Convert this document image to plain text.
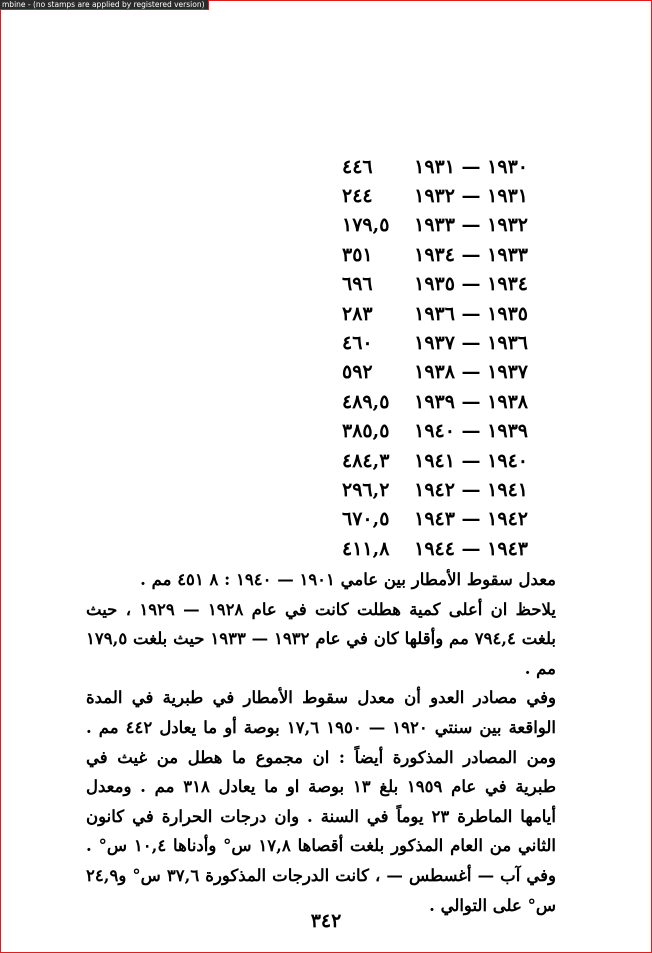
mbine - (no stamps are applied by registered version)
١٩٣٠ — ١٩٣١
٤٤٦
١٩٣١ — ١٩٣٢
٢٤٤
١٩٣٢ — ١٩٣٣
١٧٩,٥
١٩٣٣ — ١٩٣٤
٣٥١
١٩٣٤ — ١٩٣٥
٦٩٦
١٩٣٥ — ١٩٣٦
٢٨٣
١٩٣٦ — ١٩٣٧
٤٦٠
١٩٣٧ — ١٩٣٨
٥٩٢
١٩٣٨ — ١٩٣٩
٤٨٩,٥
١٩٣٩ — ١٩٤٠
٣٨٥,٥
١٩٤٠ — ١٩٤١
٤٨٤,٣
١٩٤١ — ١٩٤٢
٢٩٦,٢
١٩٤٢ — ١٩٤٣
٦٧٠,٥
١٩٤٣ — ١٩٤٤
٤١١,٨

معدل سقوط الأمطار بين عامي ١٩٠١ — ١٩٤٠ : ٨ ٤٥١ مم .

يلاحظ ان أعلى كمية هطلت كانت في عام ١٩٢٨ — ١٩٢٩ ، حيث بلغت ٧٩٤,٤ مم وأقلها كان في عام ١٩٣٢ — ١٩٣٣ حيث بلغت ١٧٩,٥ مم .

وفي مصادر العدو أن معدل سقوط الأمطار في طبرية في المدة الواقعة بين سنتي ١٩٢٠ — ١٩٥٠ ١٧,٦ بوصة أو ما يعادل ٤٤٢ مم . ومن المصادر المذكورة أيضاً : ان مجموع ما هطل من غيث في طبرية في عام ١٩٥٩ بلغ ١٣ بوصة او ما يعادل ٣١٨ مم . ومعدل أيامها الماطرة ٢٣ يوماً في السنة . وان درجات الحرارة في كانون الثاني من العام المذكور بلغت أقصاها ١٧,٨ س° وأدناها ١٠,٤ س° . وفي آب — أغسطس — ، كانت الدرجات المذكورة ٣٧,٦ س° و٢٤,٩ س° على التوالي .

٣٤٢
